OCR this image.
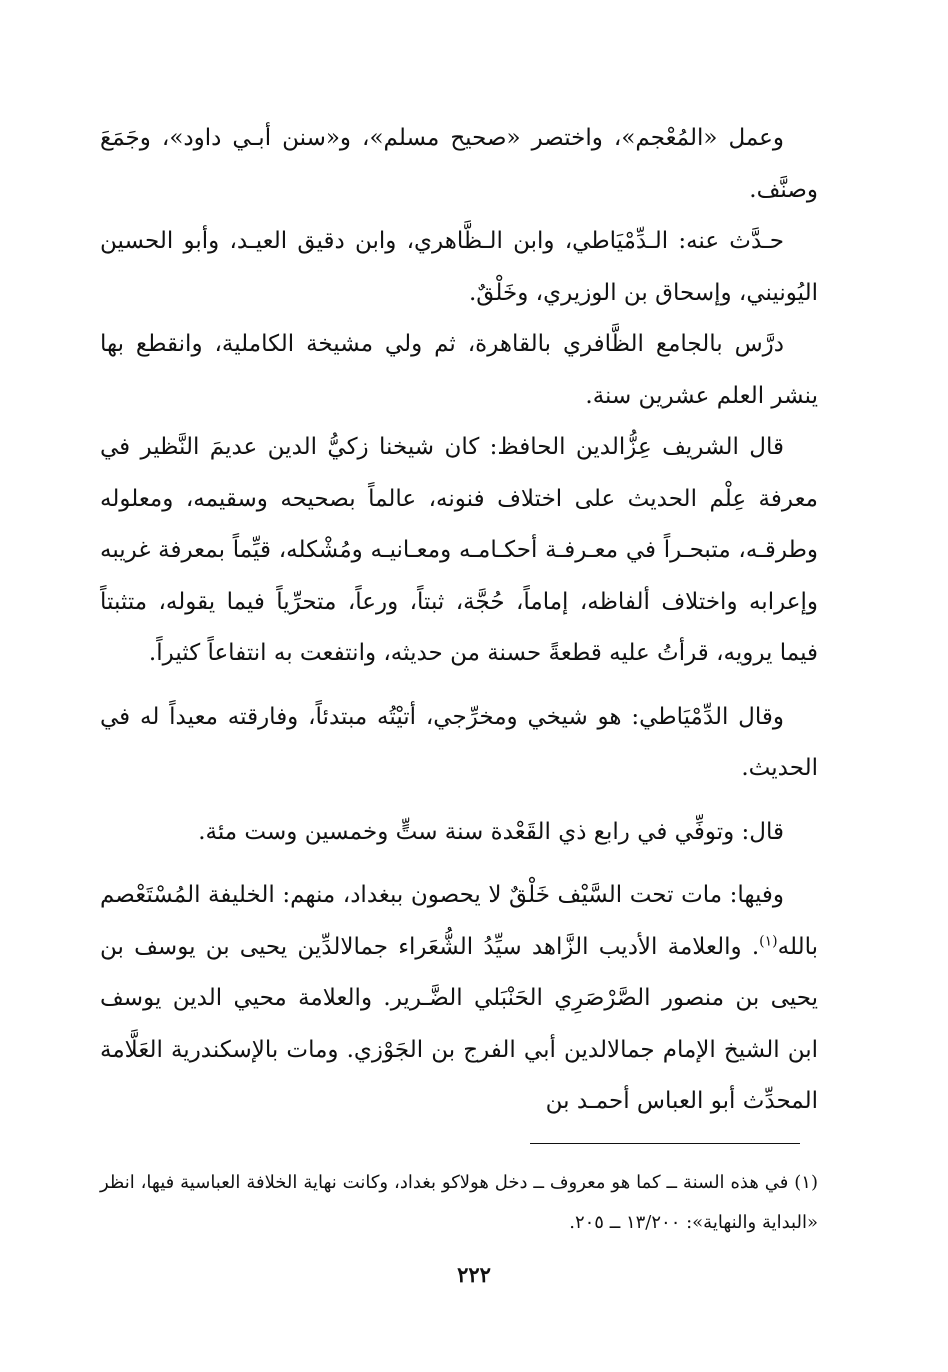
وعمل «المُعْجم»، واختصر «صحيح مسلم»، و«سنن أبـي داود»، وجَمَعَ وصنَّف.

حـدَّث عنه: الـدِّمْيَاطي، وابن الـظَّاهري، وابن دقيق العيـد، وأبو الحسين اليُونيني، وإسحاق بن الوزيري، وخَلْقٌ.

درَّس بالجامع الظَّافري بالقاهرة، ثم ولي مشيخة الكاملية، وانقطع بها ينشر العلم عشرين سنة.

قال الشريف عِزُّالدين الحافظ: كان شيخنا زكيُّ الدين عديمَ النَّظير في معرفة عِلْم الحديث على اختلاف فنونه، عالماً بصحيحه وسقيمه، ومعلوله وطرقـه، متبحـراً في معـرفـة أحكـامـه ومعـانيـه ومُشْكله، قيِّماً بمعرفة غريبه وإعرابه واختلاف ألفاظه، إماماً، حُجَّة، ثبتاً، ورعاً، متحرِّياً فيما يقوله، متثبتاً فيما يرويه، قرأتُ عليه قطعةً حسنة من حديثه، وانتفعت به انتفاعاً كثيراً.

وقال الدِّمْيَاطي: هو شيخي ومخرِّجي، أتيْتُه مبتدئاً، وفارقته معيداً له في الحديث.

قال: وتوفِّي في رابع ذي القَعْدة سنة ستٍّ وخمسين وست مئة.

وفيها: مات تحت السَّيْف خَلْقٌ لا يحصون ببغداد، منهم: الخليفة المُسْتَعْصم بالله$^{(١)}$. والعلامة الأديب الزَّاهد سيِّدُ الشُّعَراء جمالالدِّين يحيى بن يوسف بن يحيى بن منصور الصَّرْصَرِي الحَنْبَلي الضَّـرير. والعلامة محيي الدين يوسف ابن الشيخ الإمام جمالالدين أبي الفرج بن الجَوْزي. ومات بالإسكندرية العَلَّامة المحدِّث أبو العباس أحمـد بن

(١) في هذه السنة ــ كما هو معروف ــ دخل هولاكو بغداد، وكانت نهاية الخلافة العباسية فيها، انظر «البداية والنهاية»: ١٣/٢٠٠ ــ ٢٠٥.

٢٢٢
